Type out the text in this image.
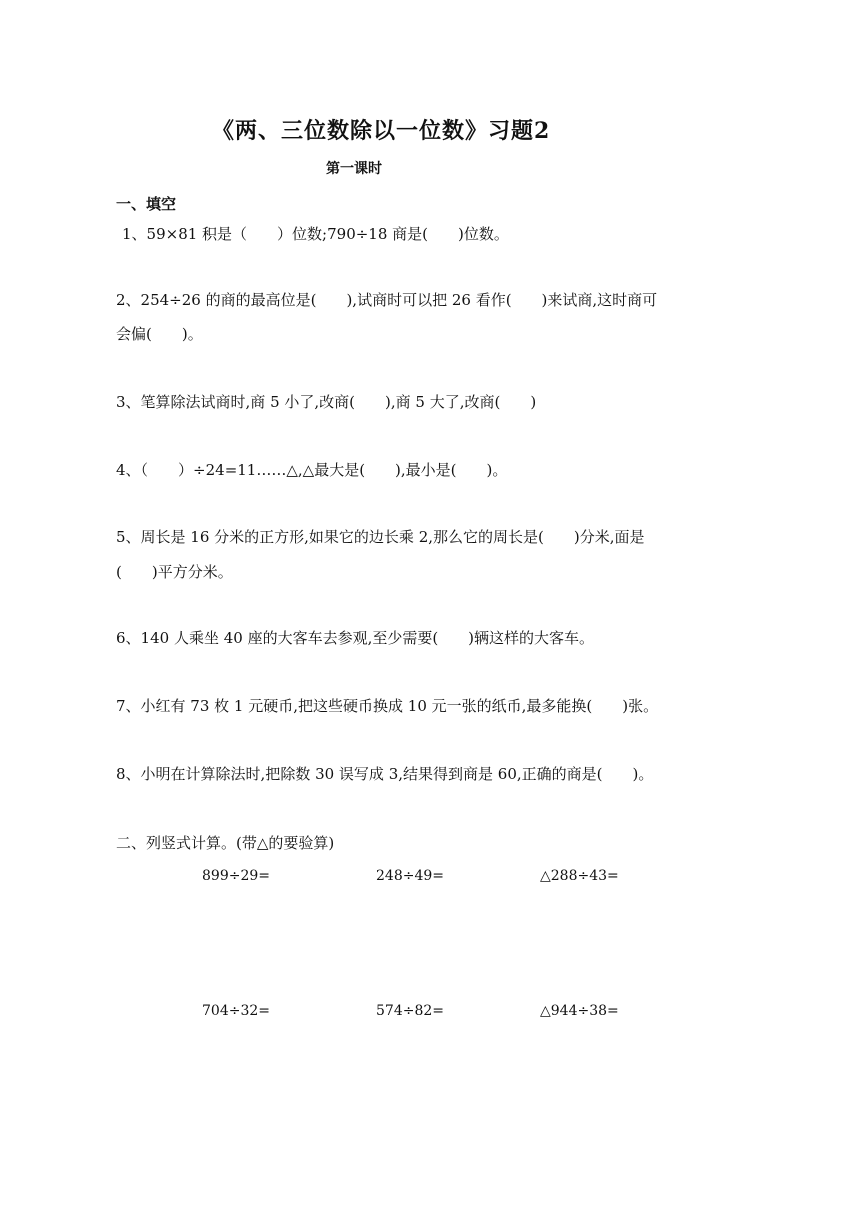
《两、三位数除以一位数》习题2
第一课时
一、填空
1、59×81 积是（　　）位数;790÷18 商是(　　)位数。
2、254÷26 的商的最高位是(　　),试商时可以把 26 看作(　　)来试商,这时商可
会偏(　　)。
3、笔算除法试商时,商 5 小了,改商(　　),商 5 大了,改商(　　)
4、（　　）÷24=11……△,△最大是(　　),最小是(　　)。
5、周长是 16 分米的正方形,如果它的边长乘 2,那么它的周长是(　　)分米,面是
(　　)平方分米。
6、140 人乘坐 40 座的大客车去参观,至少需要(　　)辆这样的大客车。
7、小红有 73 枚 1 元硬币,把这些硬币换成 10 元一张的纸币,最多能换(　　)张。
8、小明在计算除法时,把除数 30 误写成 3,结果得到商是 60,正确的商是(　　)。
二、列竖式计算。(带△的要验算)
899÷29=	248÷49=	△288÷43=
704÷32=	574÷82=	△944÷38=
